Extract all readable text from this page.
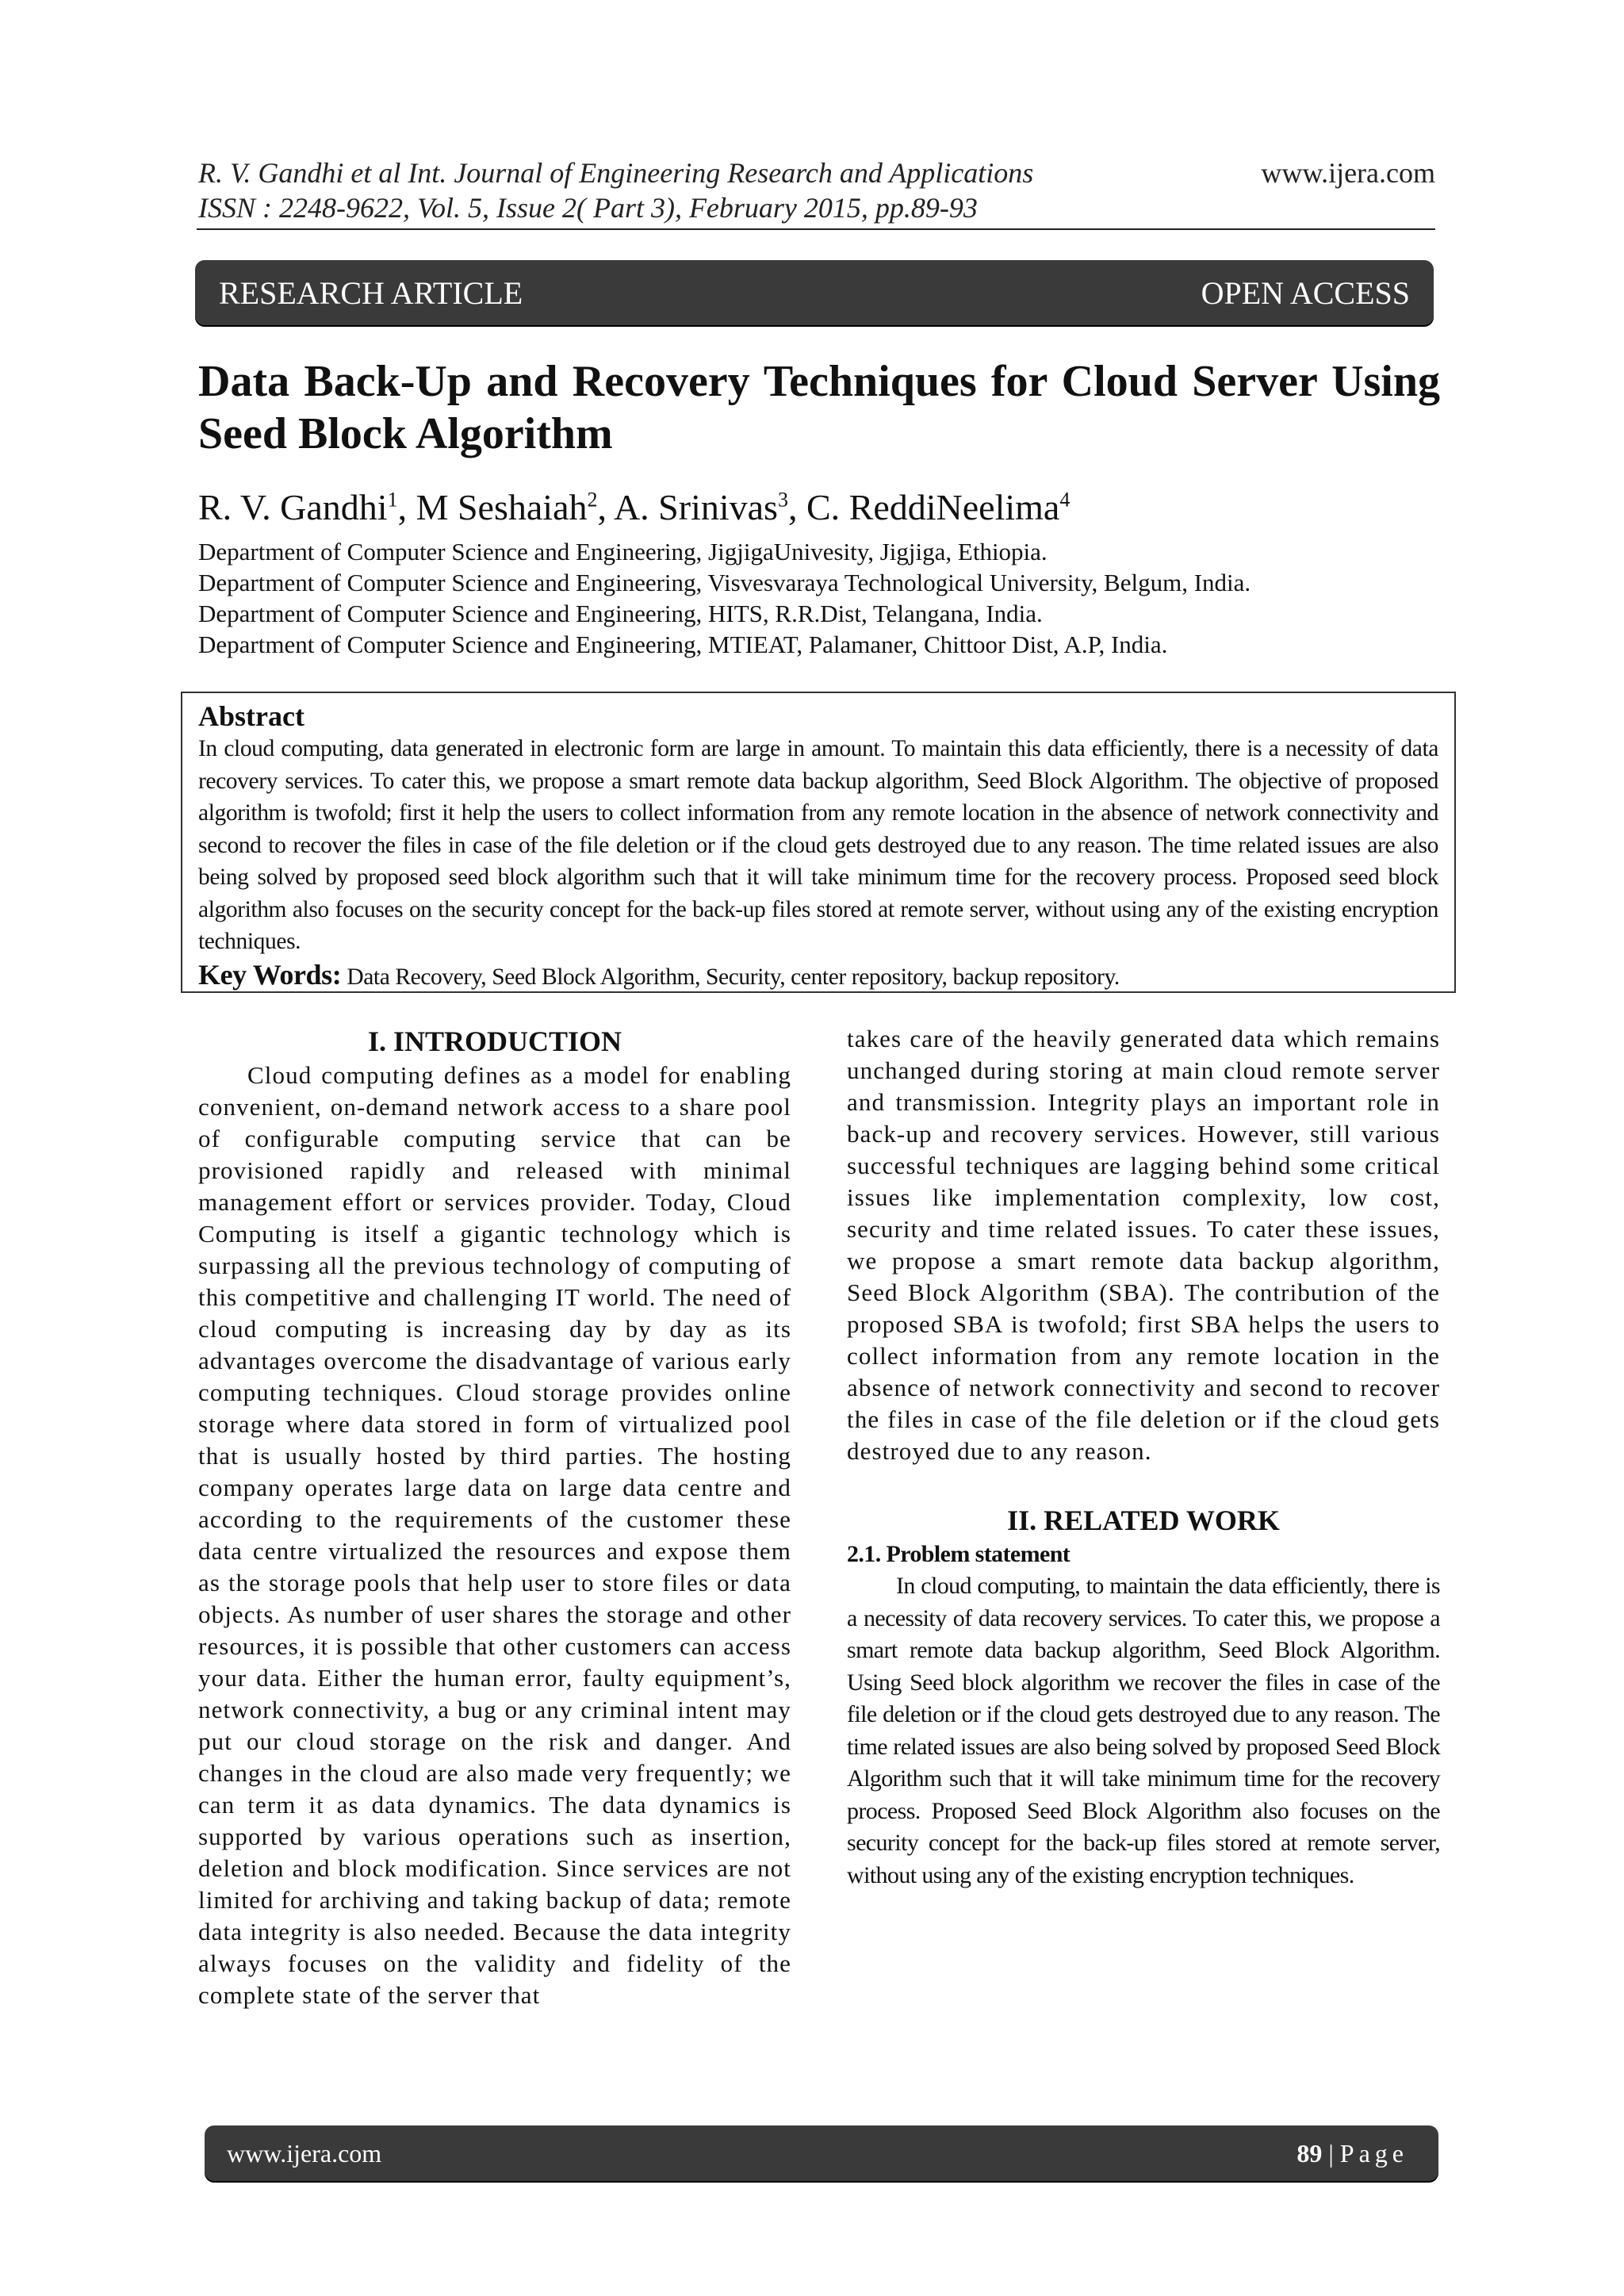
R. V. Gandhi et al Int. Journal of Engineering Research and Applications
ISSN : 2248-9622, Vol. 5, Issue 2( Part 3), February 2015, pp.89-93
www.ijera.com
RESEARCH ARTICLE	OPEN ACCESS
Data Back-Up and Recovery Techniques for Cloud Server Using Seed Block Algorithm
R. V. Gandhi$^1$, M Seshaiah$^2$, A. Srinivas$^3$, C. ReddiNeelima$^4$
Department of Computer Science and Engineering, JigjigaUnivesity, Jigjiga, Ethiopia.
Department of Computer Science and Engineering, Visvesvaraya Technological University, Belgum, India.
Department of Computer Science and Engineering, HITS, R.R.Dist, Telangana, India.
Department of Computer Science and Engineering, MTIEAT, Palamaner, Chittoor Dist, A.P, India.
Abstract
In cloud computing, data generated in electronic form are large in amount. To maintain this data efficiently, there is a necessity of data recovery services. To cater this, we propose a smart remote data backup algorithm, Seed Block Algorithm. The objective of proposed algorithm is twofold; first it help the users to collect information from any remote location in the absence of network connectivity and second to recover the files in case of the file deletion or if the cloud gets destroyed due to any reason. The time related issues are also being solved by proposed seed block algorithm such that it will take minimum time for the recovery process. Proposed seed block algorithm also focuses on the security concept for the back-up files stored at remote server, without using any of the existing encryption techniques.
Key Words: Data Recovery, Seed Block Algorithm, Security, center repository, backup repository.
I. INTRODUCTION

Cloud computing defines as a model for enabling convenient, on-demand network access to a share pool of configurable computing service that can be provisioned rapidly and released with minimal management effort or services provider. Today, Cloud Computing is itself a gigantic technology which is surpassing all the previous technology of computing of this competitive and challenging IT world. The need of cloud computing is increasing day by day as its advantages overcome the disadvantage of various early computing techniques. Cloud storage provides online storage where data stored in form of virtualized pool that is usually hosted by third parties. The hosting company operates large data on large data centre and according to the requirements of the customer these data centre virtualized the resources and expose them as the storage pools that help user to store files or data objects. As number of user shares the storage and other resources, it is possible that other customers can access your data. Either the human error, faulty equipment’s, network connectivity, a bug or any criminal intent may put our cloud storage on the risk and danger. And changes in the cloud are also made very frequently; we can term it as data dynamics. The data dynamics is supported by various operations such as insertion, deletion and block modification. Since services are not limited for archiving and taking backup of data; remote data integrity is also needed. Because the data integrity always focuses on the validity and fidelity of the complete state of the server that

takes care of the heavily generated data which remains unchanged during storing at main cloud remote server and transmission. Integrity plays an important role in back-up and recovery services. However, still various successful techniques are lagging behind some critical issues like implementation complexity, low cost, security and time related issues. To cater these issues, we propose a smart remote data backup algorithm, Seed Block Algorithm (SBA). The contribution of the proposed SBA is twofold; first SBA helps the users to collect information from any remote location in the absence of network connectivity and second to recover the files in case of the file deletion or if the cloud gets destroyed due to any reason.

II. RELATED WORK
2.1. Problem statement

In cloud computing, to maintain the data efficiently, there is a necessity of data recovery services. To cater this, we propose a smart remote data backup algorithm, Seed Block Algorithm. Using Seed block algorithm we recover the files in case of the file deletion or if the cloud gets destroyed due to any reason. The time related issues are also being solved by proposed Seed Block Algorithm such that it will take minimum time for the recovery process. Proposed Seed Block Algorithm also focuses on the security concept for the back-up files stored at remote server, without using any of the existing encryption techniques.

www.ijera.com	89 | Page
